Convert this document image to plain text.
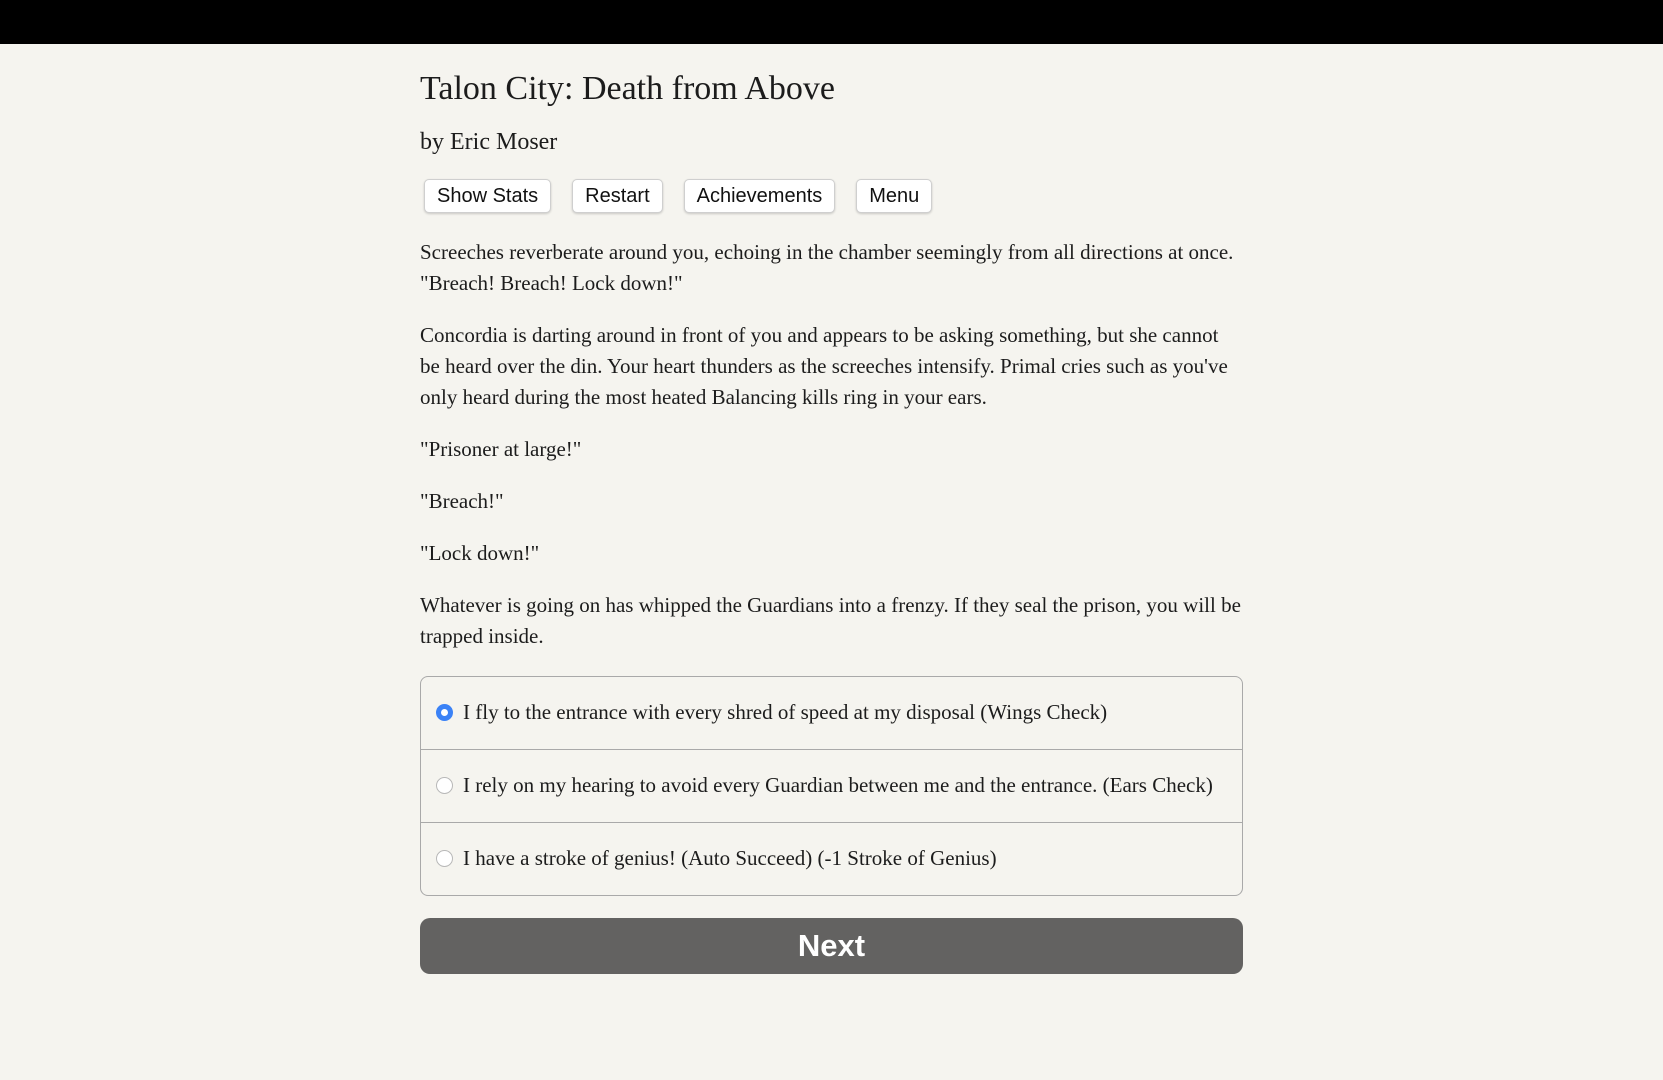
Talon City: Death from Above
by Eric Moser
Show Stats	Restart	Achievements	Menu

Screeches reverberate around you, echoing in the chamber seemingly from all directions at once. "Breach! Breach! Lock down!"

Concordia is darting around in front of you and appears to be asking something, but she cannot be heard over the din. Your heart thunders as the screeches intensify. Primal cries such as you've only heard during the most heated Balancing kills ring in your ears.

"Prisoner at large!"

"Breach!"

"Lock down!"

Whatever is going on has whipped the Guardians into a frenzy. If they seal the prison, you will be trapped inside.

I fly to the entrance with every shred of speed at my disposal (Wings Check)
I rely on my hearing to avoid every Guardian between me and the entrance. (Ears Check)
I have a stroke of genius! (Auto Succeed) (-1 Stroke of Genius)
Next
